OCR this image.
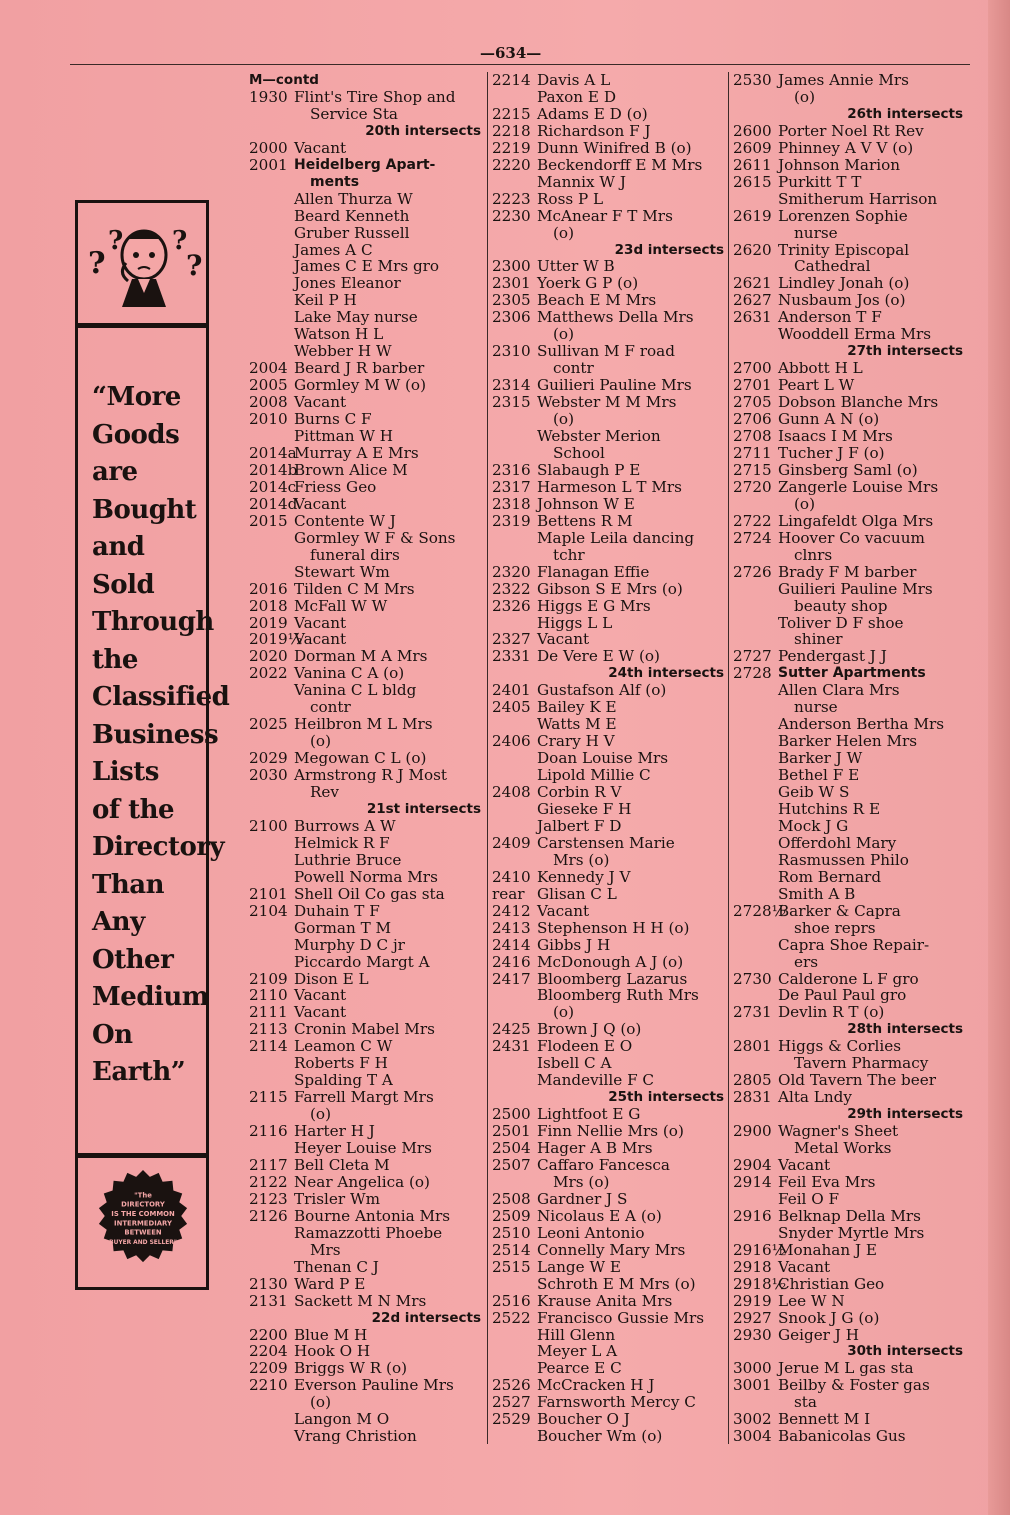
—634—
?
? ?
?
“More
Goods
are
Bought
and
Sold
Through
the
Classified
Business
Lists
of the
Directory
Than
Any
Other
Medium
On
Earth”
"The
DIRECTORY
IS THE COMMON
INTERMEDIARY
BETWEEN
BUYER AND SELLER"
M—contd
1930 Flint's Tire Shop and
Service Sta
20th intersects
2000 Vacant
2001 Heidelberg Apart-
ments
Allen Thurza W
Beard Kenneth
Gruber Russell
James A C
James C E Mrs gro
Jones Eleanor
Keil P H
Lake May nurse
Watson H L
Webber H W
2004 Beard J R barber
2005 Gormley M W (o)
2008 Vacant
2010 Burns C F
Pittman W H
2014a
Murray A E Mrs
2014b
Brown Alice M
2014c
Friess Geo
2014d
Vacant
2015 Contente W J
Gormley W F & Sons
funeral dirs
Stewart Wm
2016 Tilden C M Mrs
2018 McFall W W
2019 Vacant
2019½
Vacant
2020 Dorman M A Mrs
2022 Vanina C A (o)
Vanina C L bldg
contr
2025 Heilbron M L Mrs
(o)
2029 Megowan C L (o)
2030 Armstrong R J Most
Rev
21st intersects
2100 Burrows A W
Helmick R F
Luthrie Bruce
Powell Norma Mrs
2101 Shell Oil Co gas sta
2104 Duhain T F
Gorman T M
Murphy D C jr
Piccardo Margt A
2109 Dison E L
2110 Vacant
2111 Vacant
2113 Cronin Mabel Mrs
2114 Leamon C W
Roberts F H
Spalding T A
2115 Farrell Margt Mrs
(o)
2116 Harter H J
Heyer Louise Mrs
2117 Bell Cleta M
2122 Near Angelica (o)
2123 Trisler Wm
2126 Bourne Antonia Mrs
Ramazzotti Phoebe
Mrs
Thenan C J
2130 Ward P E
2131 Sackett M N Mrs
22d intersects
2200 Blue M H
2204 Hook O H
2209 Briggs W R (o)
2210 Everson Pauline Mrs
(o)
Langon M O
Vrang Christion
2214 Davis A L
Paxon E D
2215 Adams E D (o)
2218 Richardson F J
2219 Dunn Winifred B (o)
2220 Beckendorff E M Mrs
Mannix W J
2223 Ross P L
2230 McAnear F T Mrs
(o)
23d intersects
2300 Utter W B
2301 Yoerk G P (o)
2305 Beach E M Mrs
2306 Matthews Della Mrs
(o)
2310 Sullivan M F road
contr
2314 Guilieri Pauline Mrs
2315 Webster M M Mrs
(o)
Webster Merion
School
2316 Slabaugh P E
2317 Harmeson L T Mrs
2318 Johnson W E
2319 Bettens R M
Maple Leila dancing
tchr
2320 Flanagan Effie
2322 Gibson S E Mrs (o)
2326 Higgs E G Mrs
Higgs L L
2327 Vacant
2331 De Vere E W (o)
24th intersects
2401 Gustafson Alf (o)
2405 Bailey K E
Watts M E
2406 Crary H V
Doan Louise Mrs
Lipold Millie C
2408 Corbin R V
Gieseke F H
Jalbert F D
2409 Carstensen Marie
Mrs (o)
2410 Kennedy J V
rear Glisan C L
2412 Vacant
2413 Stephenson H H (o)
2414 Gibbs J H
2416 McDonough A J (o)
2417 Bloomberg Lazarus
Bloomberg Ruth Mrs
(o)
2425 Brown J Q (o)
2431 Flodeen E O
Isbell C A
Mandeville F C
25th intersects
2500 Lightfoot E G
2501 Finn Nellie Mrs (o)
2504 Hager A B Mrs
2507 Caffaro Fancesca
Mrs (o)
2508 Gardner J S
2509 Nicolaus E A (o)
2510 Leoni Antonio
2514 Connelly Mary Mrs
2515 Lange W E
Schroth E M Mrs (o)
2516 Krause Anita Mrs
2522 Francisco Gussie Mrs
Hill Glenn
Meyer L A
Pearce E C
2526 McCracken H J
2527 Farnsworth Mercy C
2529 Boucher O J
Boucher Wm (o)
2530 James Annie Mrs
(o)
26th intersects
2600 Porter Noel Rt Rev
2609 Phinney A V V (o)
2611 Johnson Marion
2615 Purkitt T T
Smitherum Harrison
2619 Lorenzen Sophie
nurse
2620 Trinity Episcopal
Cathedral
2621 Lindley Jonah (o)
2627 Nusbaum Jos (o)
2631 Anderson T F
Wooddell Erma Mrs
27th intersects
2700 Abbott H L
2701 Peart L W
2705 Dobson Blanche Mrs
2706 Gunn A N (o)
2708 Isaacs I M Mrs
2711 Tucher J F (o)
2715 Ginsberg Saml (o)
2720 Zangerle Louise Mrs
(o)
2722 Lingafeldt Olga Mrs
2724 Hoover Co vacuum
clnrs
2726 Brady F M barber
Guilieri Pauline Mrs
beauty shop
Toliver D F shoe
shiner
2727 Pendergast J J
2728 Sutter Apartments
Allen Clara Mrs
nurse
Anderson Bertha Mrs
Barker Helen Mrs
Barker J W
Bethel F E
Geib W S
Hutchins R E
Mock J G
Offerdohl Mary
Rasmussen Philo
Rom Bernard
Smith A B
2728½
Barker & Capra
shoe reprs
Capra Shoe Repair-
ers
2730 Calderone L F gro
De Paul Paul gro
2731 Devlin R T (o)
28th intersects
2801 Higgs & Corlies
Tavern Pharmacy
2805 Old Tavern The beer
2831 Alta Lndy
29th intersects
2900 Wagner's Sheet
Metal Works
2904 Vacant
2914 Feil Eva Mrs
Feil O F
2916 Belknap Della Mrs
Snyder Myrtle Mrs
2916½
Monahan J E
2918 Vacant
2918½
Christian Geo
2919 Lee W N
2927 Snook J G (o)
2930 Geiger J H
30th intersects
3000 Jerue M L gas sta
3001 Beilby & Foster gas
sta
3002 Bennett M I
3004 Babanicolas Gus
